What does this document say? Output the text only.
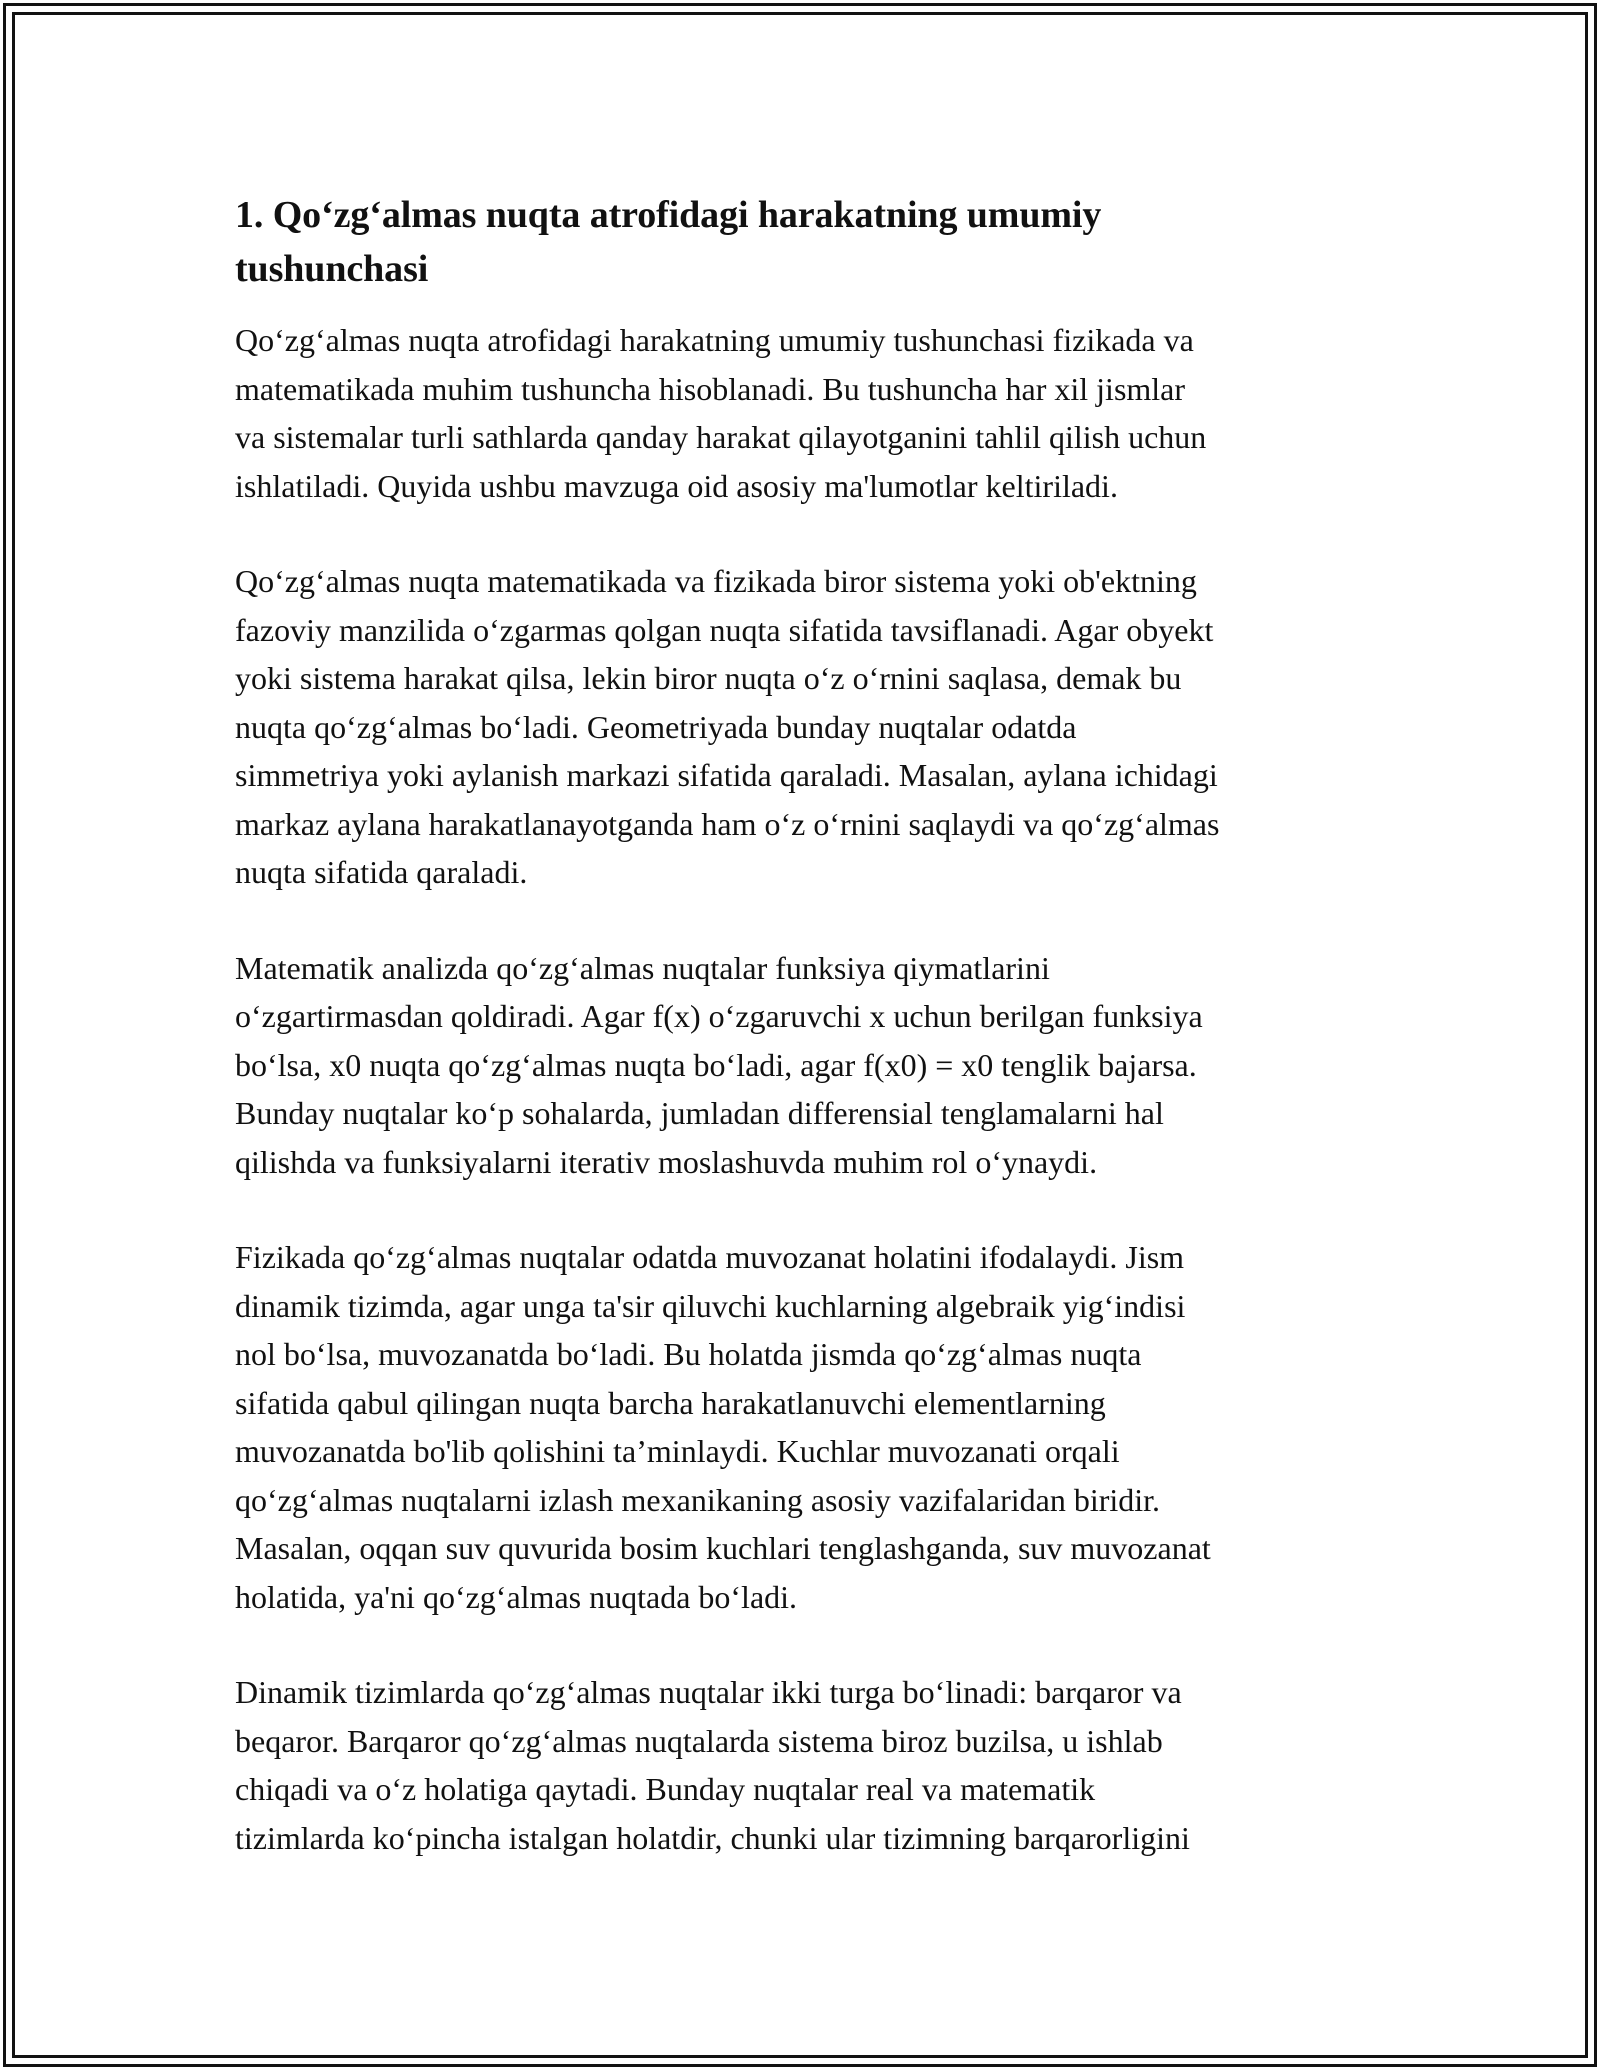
1. Qo‘zg‘almas nuqta atrofidagi harakatning umumiy
tushunchasi

Qo‘zg‘almas nuqta atrofidagi harakatning umumiy tushunchasi fizikada va
matematikada muhim tushuncha hisoblanadi. Bu tushuncha har xil jismlar
va sistemalar turli sathlarda qanday harakat qilayotganini tahlil qilish uchun
ishlatiladi. Quyida ushbu mavzuga oid asosiy ma'lumotlar keltiriladi.

Qo‘zg‘almas nuqta matematikada va fizikada biror sistema yoki ob'ektning
fazoviy manzilida o‘zgarmas qolgan nuqta sifatida tavsiflanadi. Agar obyekt
yoki sistema harakat qilsa, lekin biror nuqta o‘z o‘rnini saqlasa, demak bu
nuqta qo‘zg‘almas bo‘ladi. Geometriyada bunday nuqtalar odatda
simmetriya yoki aylanish markazi sifatida qaraladi. Masalan, aylana ichidagi
markaz aylana harakatlanayotganda ham o‘z o‘rnini saqlaydi va qo‘zg‘almas
nuqta sifatida qaraladi.

Matematik analizda qo‘zg‘almas nuqtalar funksiya qiymatlarini
o‘zgartirmasdan qoldiradi. Agar f(x) o‘zgaruvchi x uchun berilgan funksiya
bo‘lsa, x0 nuqta qo‘zg‘almas nuqta bo‘ladi, agar f(x0) = x0 tenglik bajarsa.
Bunday nuqtalar ko‘p sohalarda, jumladan differensial tenglamalarni hal
qilishda va funksiyalarni iterativ moslashuvda muhim rol o‘ynaydi.

Fizikada qo‘zg‘almas nuqtalar odatda muvozanat holatini ifodalaydi. Jism
dinamik tizimda, agar unga ta'sir qiluvchi kuchlarning algebraik yig‘indisi
nol bo‘lsa, muvozanatda bo‘ladi. Bu holatda jismda qo‘zg‘almas nuqta
sifatida qabul qilingan nuqta barcha harakatlanuvchi elementlarning
muvozanatda bo'lib qolishini ta’minlaydi. Kuchlar muvozanati orqali
qo‘zg‘almas nuqtalarni izlash mexanikaning asosiy vazifalaridan biridir.
Masalan, oqqan suv quvurida bosim kuchlari tenglashganda, suv muvozanat
holatida, ya'ni qo‘zg‘almas nuqtada bo‘ladi.

Dinamik tizimlarda qo‘zg‘almas nuqtalar ikki turga bo‘linadi: barqaror va
beqaror. Barqaror qo‘zg‘almas nuqtalarda sistema biroz buzilsa, u ishlab
chiqadi va o‘z holatiga qaytadi. Bunday nuqtalar real va matematik
tizimlarda ko‘pincha istalgan holatdir, chunki ular tizimning barqarorligini
